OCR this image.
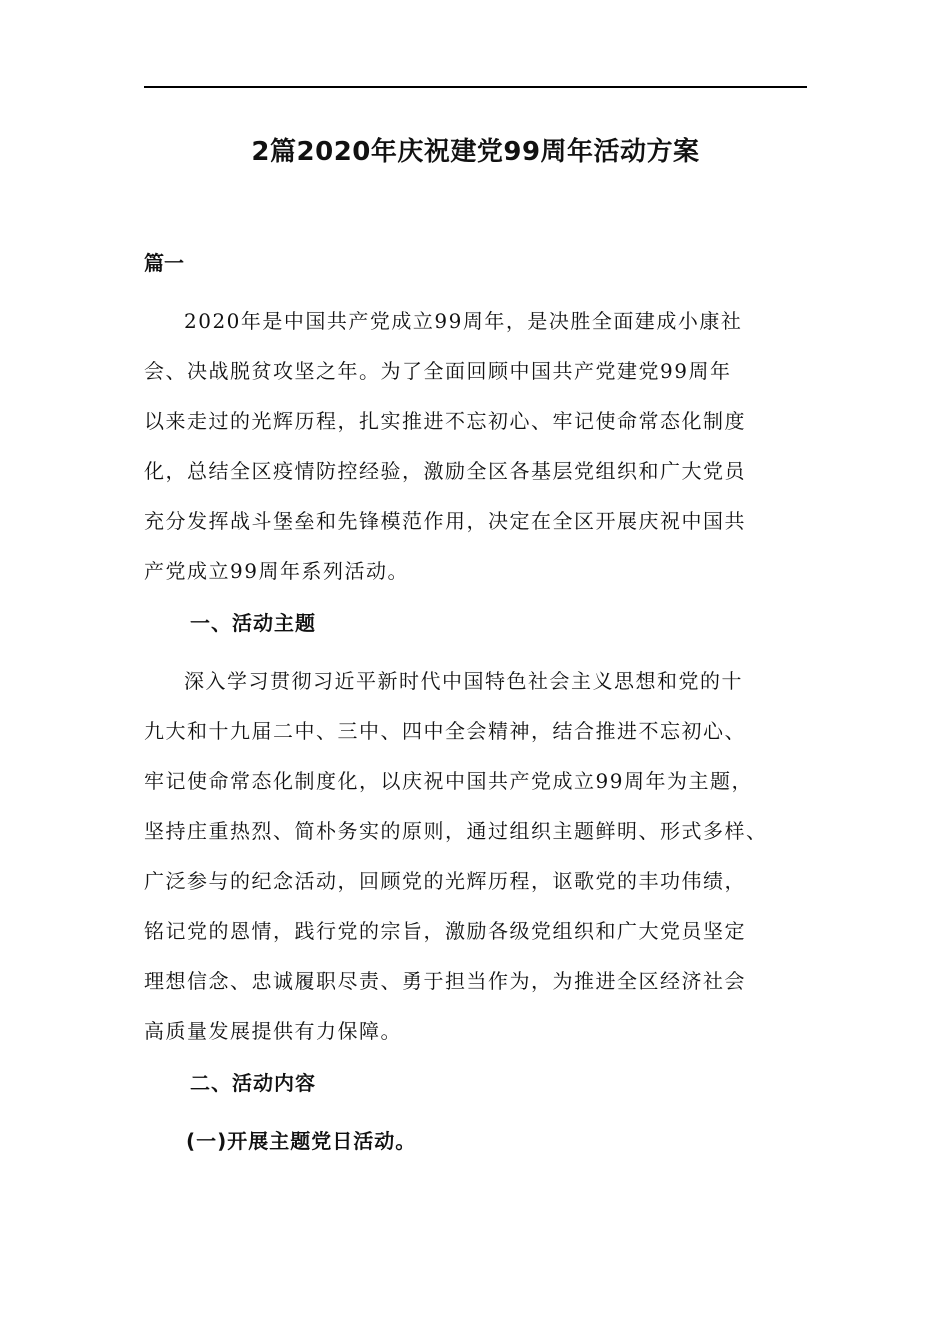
2篇2020年庆祝建党99周年活动方案
篇一
2020年是中国共产党成立99周年，是决胜全面建成小康社
会、决战脱贫攻坚之年。为了全面回顾中国共产党建党99周年
以来走过的光辉历程，扎实推进不忘初心、牢记使命常态化制度
化，总结全区疫情防控经验，激励全区各基层党组织和广大党员
充分发挥战斗堡垒和先锋模范作用，决定在全区开展庆祝中国共
产党成立99周年系列活动。
一、活动主题
深入学习贯彻习近平新时代中国特色社会主义思想和党的十
九大和十九届二中、三中、四中全会精神，结合推进不忘初心、
牢记使命常态化制度化，以庆祝中国共产党成立99周年为主题，
坚持庄重热烈、简朴务实的原则，通过组织主题鲜明、形式多样、
广泛参与的纪念活动，回顾党的光辉历程，讴歌党的丰功伟绩，
铭记党的恩情，践行党的宗旨，激励各级党组织和广大党员坚定
理想信念、忠诚履职尽责、勇于担当作为，为推进全区经济社会
高质量发展提供有力保障。
二、活动内容
(一)开展主题党日活动。
